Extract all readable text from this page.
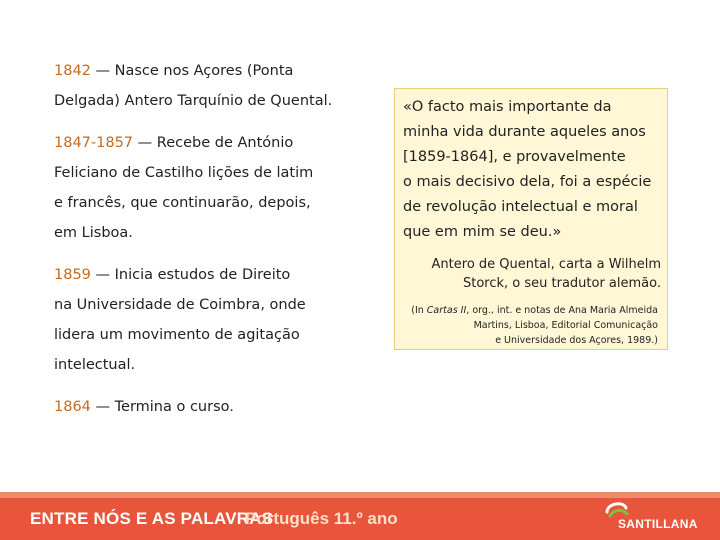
1842 — Nasce nos Açores (Ponta
Delgada) Antero Tarquínio de Quental.
1847-1857 — Recebe de António
Feliciano de Castilho lições de latim
e francês, que continuarão, depois,
em Lisboa.
1859 — Inicia estudos de Direito
na Universidade de Coimbra, onde
lidera um movimento de agitação
intelectual.
1864 — Termina o curso.
«O facto mais importante da
minha vida durante aqueles anos
[1859-1864], e provavelmente
o mais decisivo dela, foi a espécie
de revolução intelectual e moral
que em mim se deu.»
Antero de Quental, carta a Wilhelm
Storck, o seu tradutor alemão.
(In Cartas II, org., int. e notas de Ana Maria Almeida
Martins, Lisboa, Editorial Comunicação
e Universidade dos Açores, 1989.)
ENTRE NÓS E AS PALAVRAS
Português 11.º ano	SANTILLANA
